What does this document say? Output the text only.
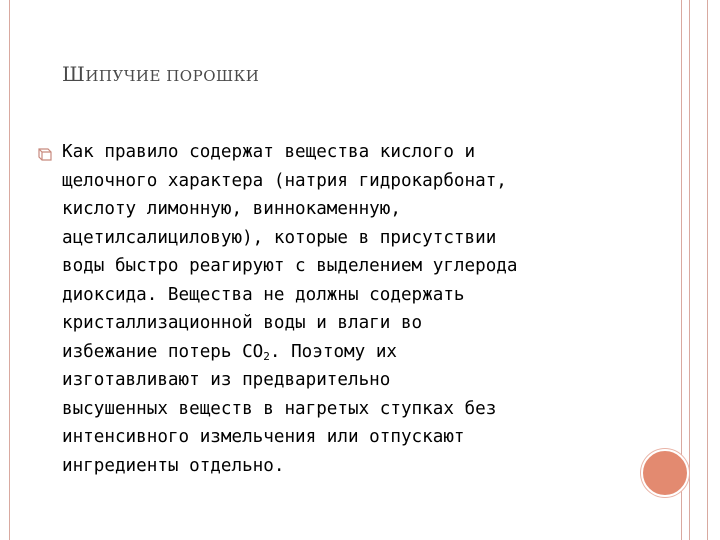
ШИПУЧИЕ ПОРОШКИ
Как правило содержат вещества кислого и
щелочного характера (натрия гидрокарбонат,
кислоту лимонную, виннокаменную,
ацетилсалициловую), которые в присутствии
воды быстро реагируют с выделением углерода
диоксида. Вещества не должны содержать
кристаллизационной воды и влаги во
избежание потерь $CO_2$. Поэтому их
изготавливают из предварительно
высушенных веществ в нагретых ступках без
интенсивного измельчения или отпускают
ингредиенты отдельно.
